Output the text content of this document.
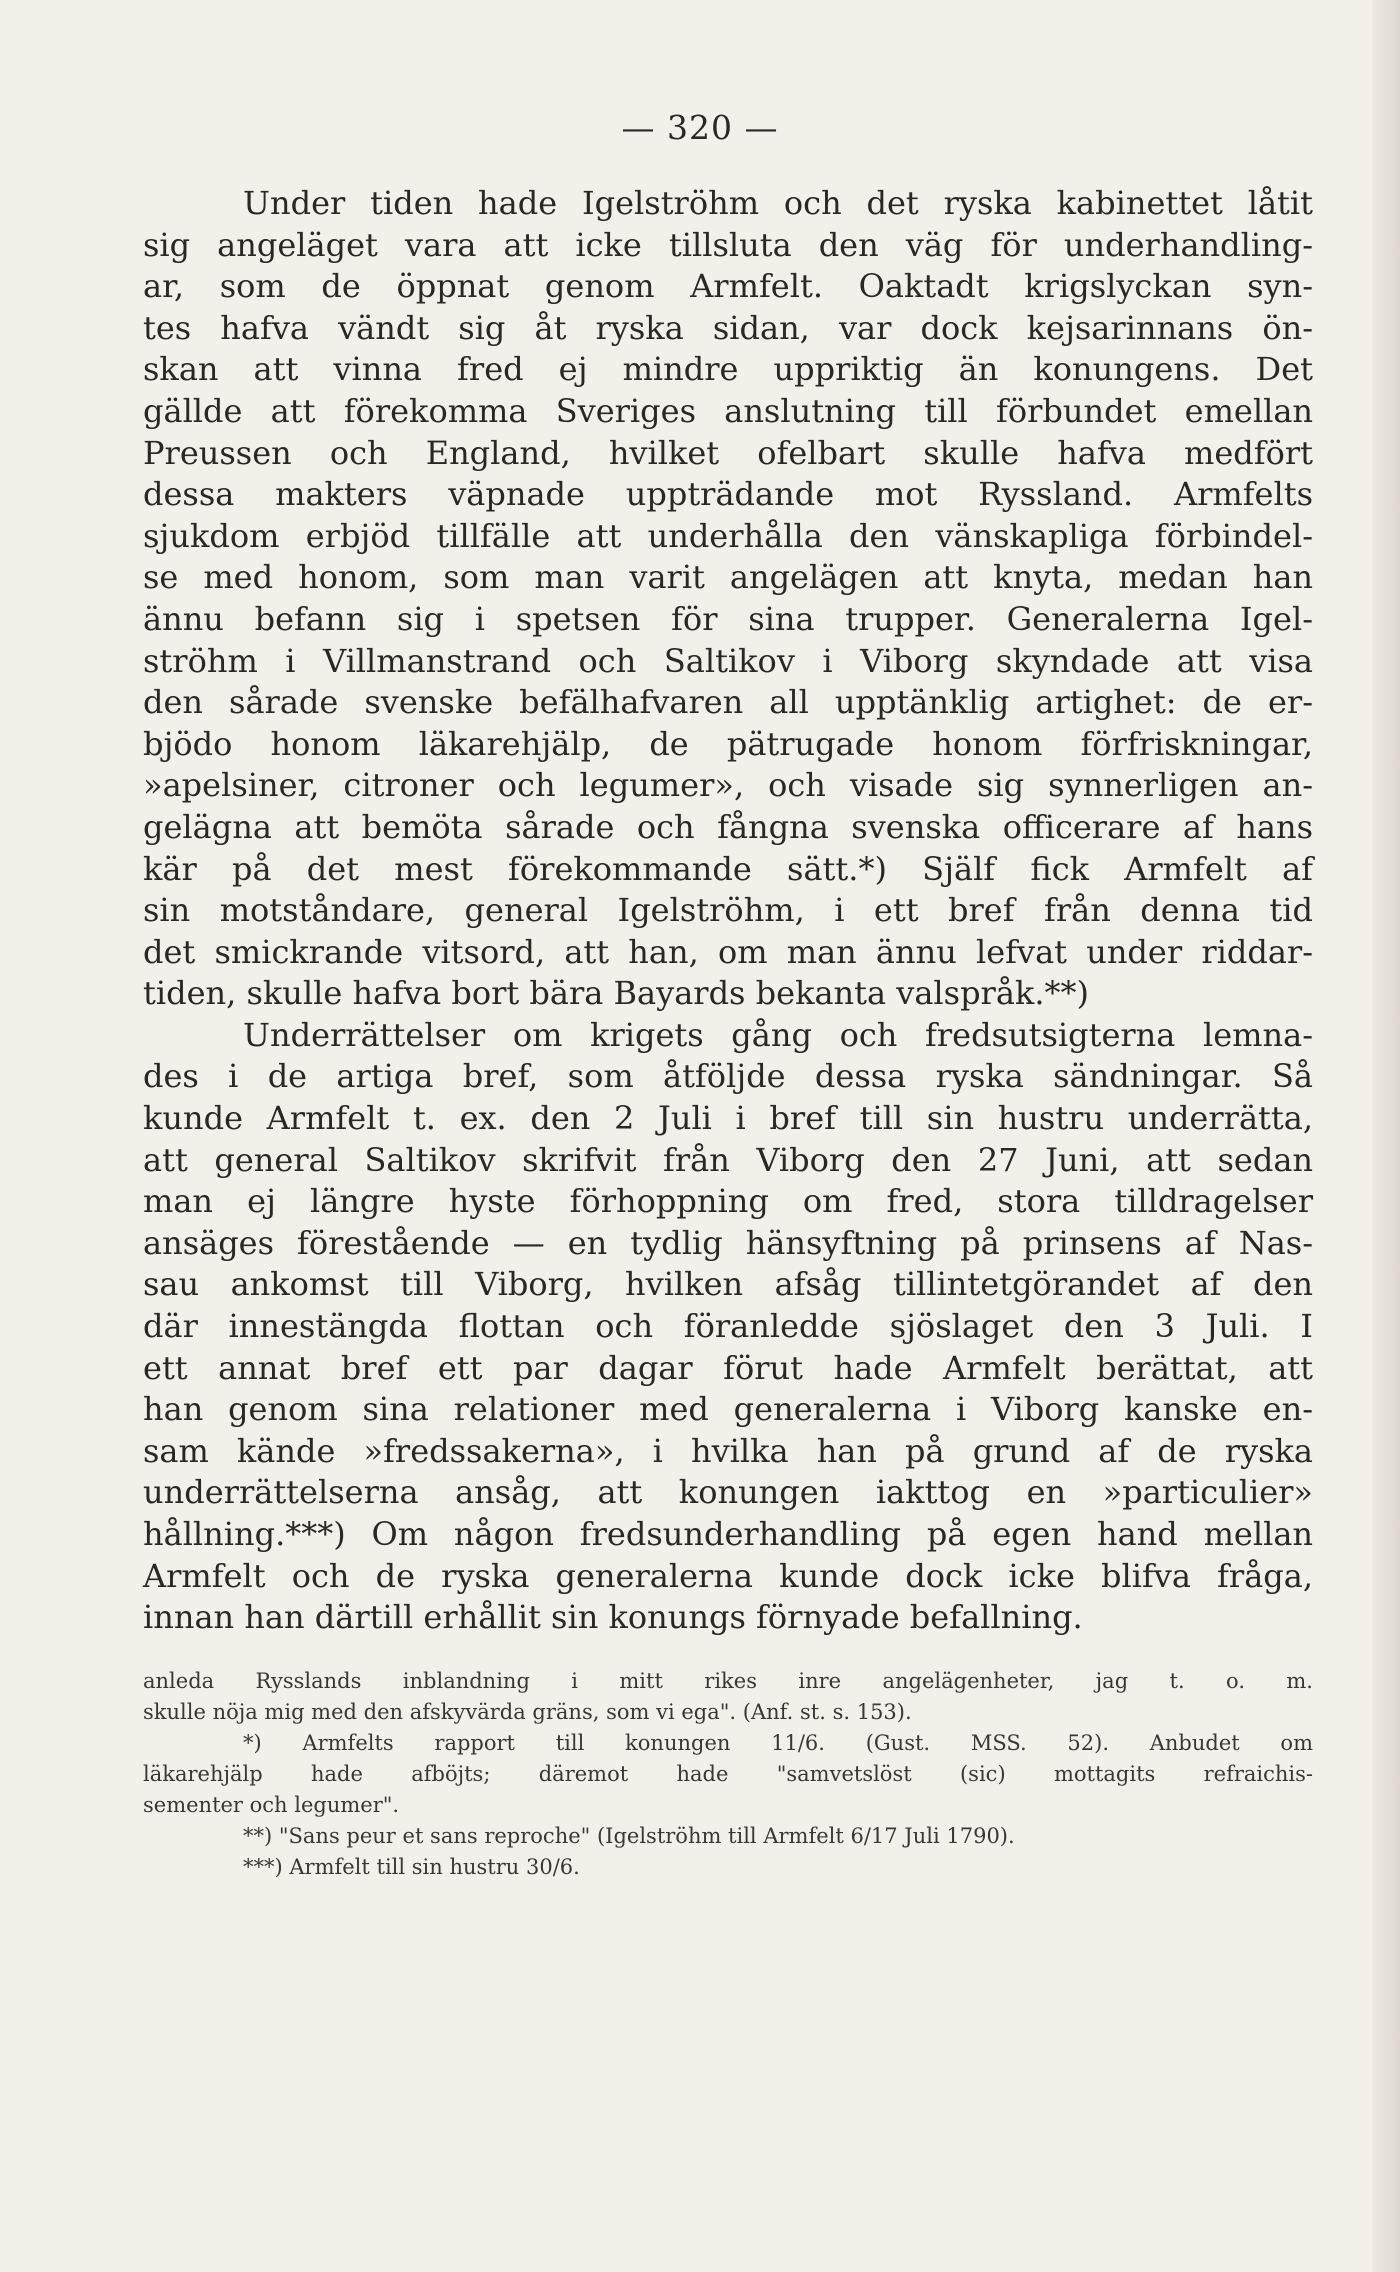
— 320 —
Under tiden hade Igelströhm och det ryska kabinettet låtit
sig angeläget vara att icke tillsluta den väg för underhandling-
ar, som de öppnat genom Armfelt. Oaktadt krigslyckan syn-
tes hafva vändt sig åt ryska sidan, var dock kejsarinnans ön-
skan att vinna fred ej mindre uppriktig än konungens. Det
gällde att förekomma Sveriges anslutning till förbundet emellan
Preussen och England, hvilket ofelbart skulle hafva medfört
dessa makters väpnade uppträdande mot Ryssland. Armfelts
sjukdom erbjöd tillfälle att underhålla den vänskapliga förbindel-
se med honom, som man varit angelägen att knyta, medan han
ännu befann sig i spetsen för sina trupper. Generalerna Igel-
ströhm i Villmanstrand och Saltikov i Viborg skyndade att visa
den sårade svenske befälhafvaren all upptänklig artighet: de er-
bjödo honom läkarehjälp, de pätrugade honom förfriskningar,
»apelsiner, citroner och legumer», och visade sig synnerligen an-
gelägna att bemöta sårade och fångna svenska officerare af hans
kär på det mest förekommande sätt.*) Själf fick Armfelt af
sin motståndare, general Igelströhm, i ett bref från denna tid
det smickrande vitsord, att han, om man ännu lefvat under riddar-
tiden, skulle hafva bort bära Bayards bekanta valspråk.**)
Underrättelser om krigets gång och fredsutsigterna lemna-
des i de artiga bref, som åtföljde dessa ryska sändningar. Så
kunde Armfelt t. ex. den 2 Juli i bref till sin hustru underrätta,
att general Saltikov skrifvit från Viborg den 27 Juni, att sedan
man ej längre hyste förhoppning om fred, stora tilldragelser
ansäges förestående — en tydlig hänsyftning på prinsens af Nas-
sau ankomst till Viborg, hvilken afsåg tillintetgörandet af den
där innestängda flottan och föranledde sjöslaget den 3 Juli. I
ett annat bref ett par dagar förut hade Armfelt berättat, att
han genom sina relationer med generalerna i Viborg kanske en-
sam kände »fredssakerna», i hvilka han på grund af de ryska
underrättelserna ansåg, att konungen iakttog en »particulier»
hållning.***) Om någon fredsunderhandling på egen hand mellan
Armfelt och de ryska generalerna kunde dock icke blifva fråga,
innan han därtill erhållit sin konungs förnyade befallning.
anleda Rysslands inblandning i mitt rikes inre angelägenheter, jag t. o. m.
skulle nöja mig med den afskyvärda gräns, som vi ega". (Anf. st. s. 153).
*) Armfelts rapport till konungen 11/6. (Gust. MSS. 52). Anbudet om
läkarehjälp hade afböjts; däremot hade "samvetslöst (sic) mottagits refraichis-
sementer och legumer".
**) "Sans peur et sans reproche" (Igelströhm till Armfelt 6/17 Juli 1790).
***) Armfelt till sin hustru 30/6.
